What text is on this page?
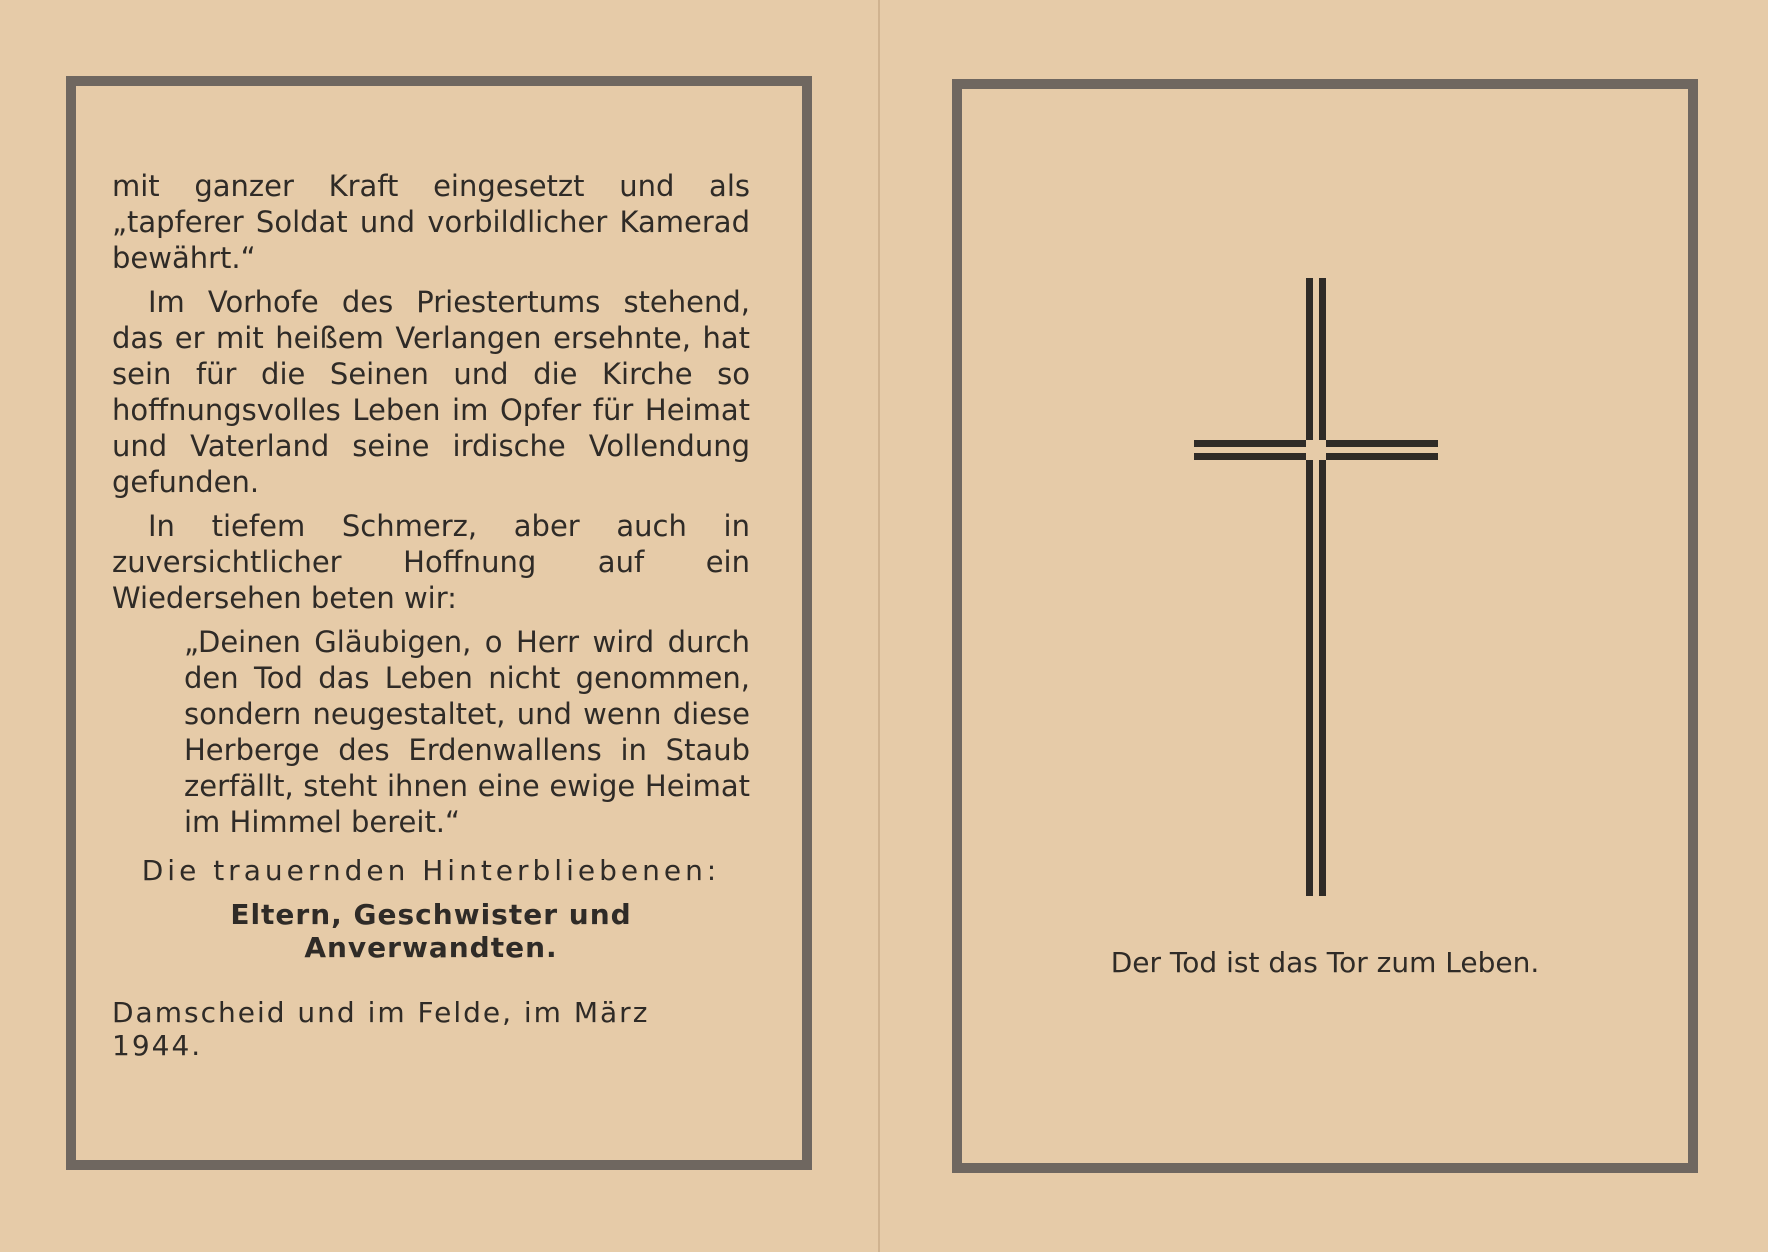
mit ganzer Kraft eingesetzt und als „tapferer Soldat und vorbildlicher Kamerad bewährt.“

Im Vorhofe des Priestertums stehend, das er mit heißem Verlangen ersehnte, hat sein für die Seinen und die Kirche so hoffnungsvolles Leben im Opfer für Heimat und Vaterland seine irdische Vollendung gefunden.

In tiefem Schmerz, aber auch in zuversichtlicher Hoffnung auf ein Wiedersehen beten wir:

„Deinen Gläubigen, o Herr wird durch den Tod das Leben nicht genommen, sondern neugestaltet, und wenn diese Herberge des Erdenwallens in Staub zerfällt, steht ihnen eine ewige Heimat im Himmel bereit.“

Die trauernden Hinterbliebenen:
Eltern, Geschwister und Anverwandten.
Damscheid und im Felde, im März 1944.
Der Tod ist das Tor zum Leben.
